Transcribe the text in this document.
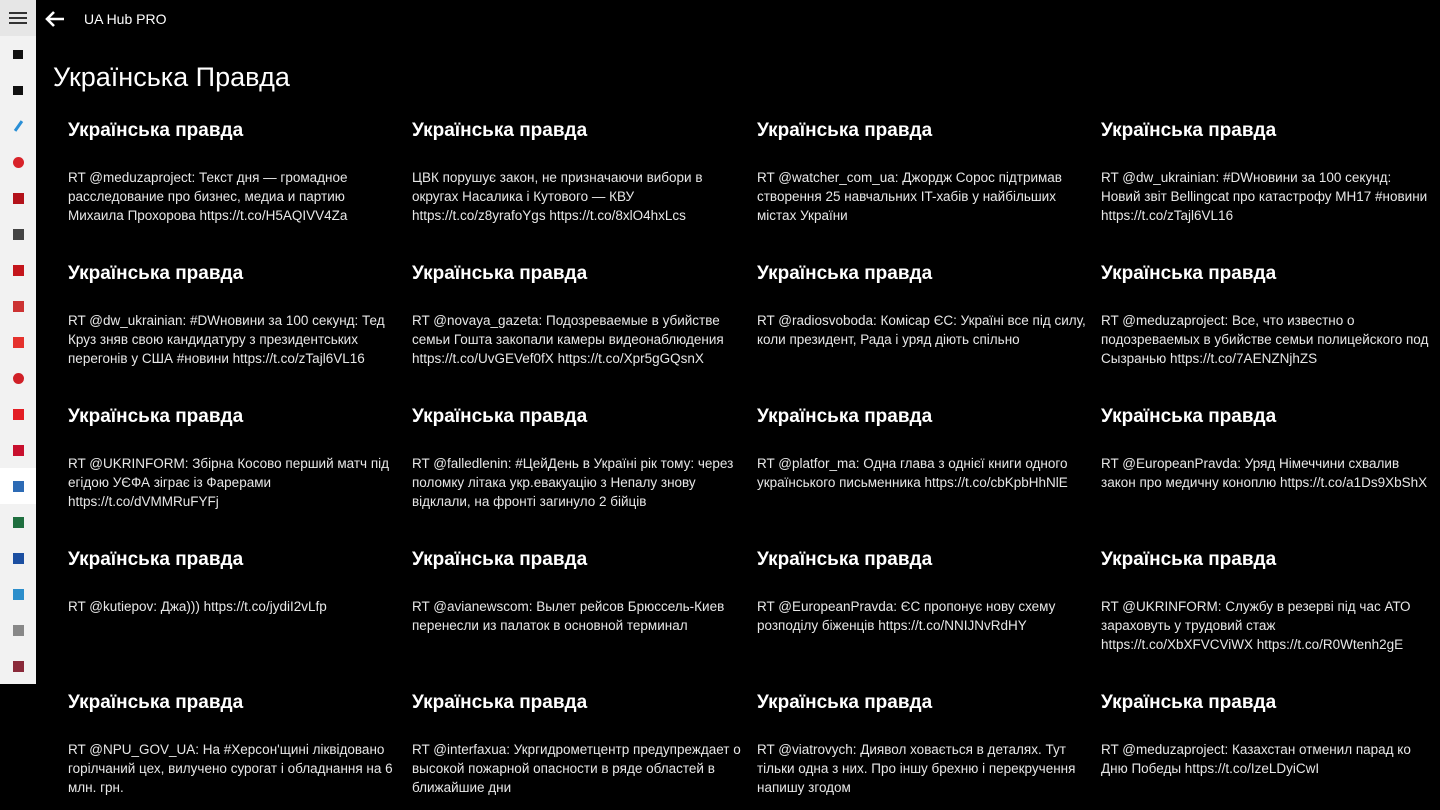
UA Hub PRO
Українська Правда
Українська правда
RT @meduzaproject: Текст дня — громадное расследование про бизнес, медиа и партию Михаила Прохорова https://t.co/H5AQIVV4Za
Українська правда
ЦВК порушує закон, не призначаючи вибори в округах Насалика і Кутового — КВУ https://t.co/z8yrafoYgs https://t.co/8xlO4hxLcs
Українська правда
RT @watcher_com_ua: Джордж Сорос підтримав створення 25 навчальних IT-хабів у найбільших містах України
Українська правда
RT @dw_ukrainian: #DWновини за 100 секунд: Новий звіт Bellingcat про катастрофу MH17 #новини https://t.co/zTajl6VL16
Українська правда
RT @dw_ukrainian: #DWновини за 100 секунд: Тед Круз зняв свою кандидатуру з президентських перегонів у США #новини https://t.co/zTajl6VL16
Українська правда
RT @novaya_gazeta: Подозреваемые в убийстве семьи Гошта закопали камеры видеонаблюдения https://t.co/UvGEVef0fX https://t.co/Xpr5gGQsnX
Українська правда
RT @radiosvoboda: Комісар ЄС: Україні все під силу, коли президент, Рада і уряд діють спільно
Українська правда
RT @meduzaproject: Все, что известно о подозреваемых в убийстве семьи полицейского под Сызранью https://t.co/7AENZNjhZS
Українська правда
RT @UKRINFORM: Збірна Косово перший матч під егідою УЄФА зіграє із Фарерами https://t.co/dVMMRuFYFj
Українська правда
RT @falledlenin: #ЦейДень в Україні рік тому: через поломку літака укр.евакуацію з Непалу знову відклали, на фронті загинуло 2 бійців
Українська правда
RT @platfor_ma: Одна глава з однієї книги одного українського письменника https://t.co/cbKpbHhNlE
Українська правда
RT @EuropeanPravda: Уряд Німеччини схвалив закон про медичну коноплю https://t.co/a1Ds9XbShX
Українська правда
RT @kutiepov: Джа))) https://t.co/jydiI2vLfp
Українська правда
RT @avianewscom: Вылет рейсов Брюссель-Киев перенесли из палаток в основной терминал
Українська правда
RT @EuropeanPravda: ЄС пропонує нову схему розподілу біженців https://t.co/NNIJNvRdHY
Українська правда
RT @UKRINFORM: Службу в резерві під час АТО зараховуть у трудовий стаж https://t.co/XbXFVCViWX https://t.co/R0Wtenh2gE
Українська правда
RT @NPU_GOV_UA: На #Херсон'щині ліквідовано горілчаний цех, вилучено сурогат і обладнання на 6 млн. грн.
Українська правда
RT @interfaxua: Укргидрометцентр предупреждает о высокой пожарной опасности в ряде областей в ближайшие дни
Українська правда
RT @viatrovych: Диявол ховається в деталях. Тут тільки одна з них. Про іншу брехню і перекручення напишу згодом
Українська правда
RT @meduzaproject: Казахстан отменил парад ко Дню Победы https://t.co/IzeLDyiCwI
